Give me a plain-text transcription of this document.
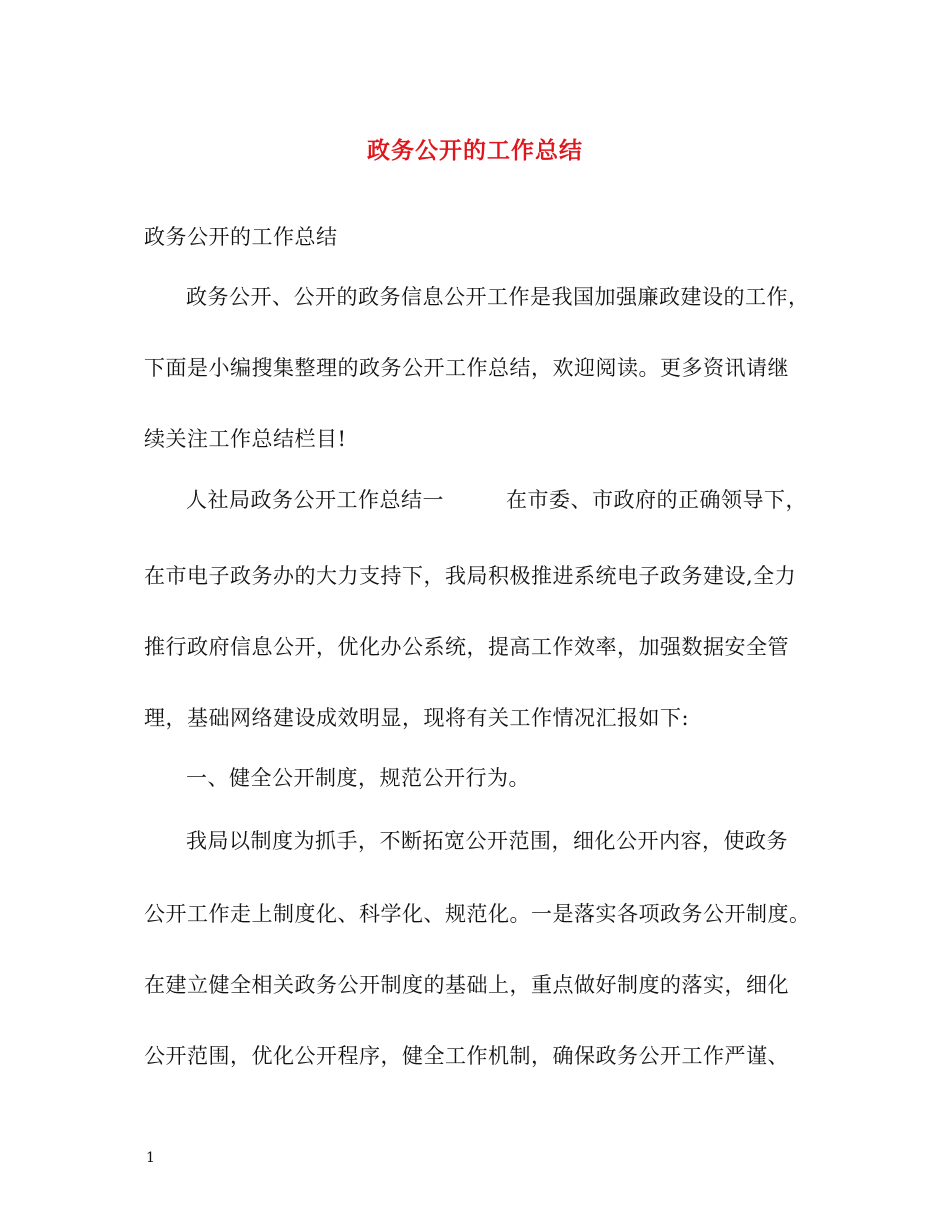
政务公开的工作总结
政务公开的工作总结
政务公开、公开的政务信息公开工作是我国加强廉政建设的工作，
下面是小编搜集整理的政务公开工作总结，欢迎阅读。更多资讯请继
续关注工作总结栏目!
人社局政务公开工作总结一	在市委、市政府的正确领导下，
在市电子政务办的大力支持下，我局积极推进系统电子政务建设,全力
推行政府信息公开，优化办公系统，提高工作效率，加强数据安全管
理，基础网络建设成效明显，现将有关工作情况汇报如下:
一、健全公开制度，规范公开行为。
我局以制度为抓手，不断拓宽公开范围，细化公开内容，使政务
公开工作走上制度化、科学化、规范化。一是落实各项政务公开制度。
在建立健全相关政务公开制度的基础上，重点做好制度的落实，细化
公开范围，优化公开程序，健全工作机制，确保政务公开工作严谨、
1
